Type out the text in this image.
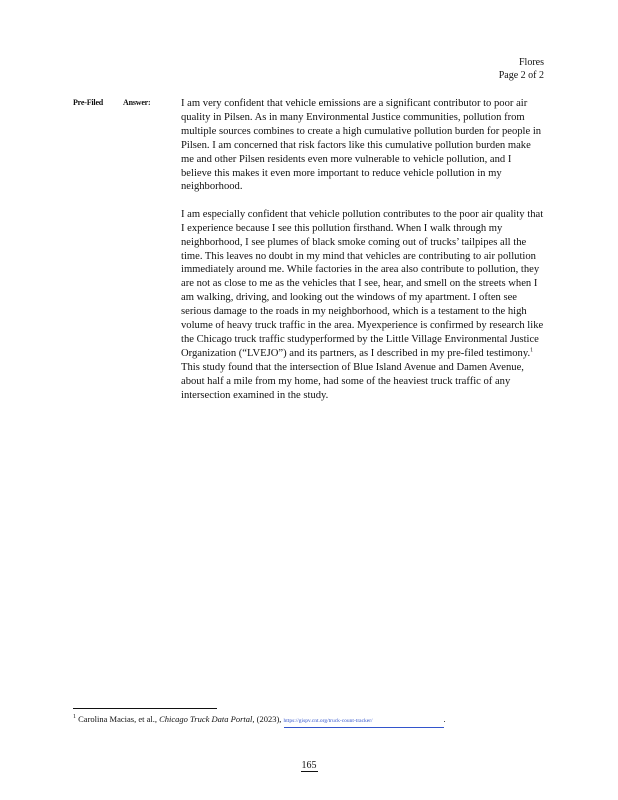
Flores
Page 2 of 2
Pre-Filed Answer:	I am very confident that vehicle emissions are a significant contributor to poor air quality in Pilsen. As in many Environmental Justice communities, pollution from multiple sources combines to create a high cumulative pollution burden for people in Pilsen. I am concerned that risk factors like this cumulative pollution burden make me and other Pilsen residents even more vulnerable to vehicle pollution, and I believe this makes it even more important to reduce vehicle pollution in my neighborhood.

I am especially confident that vehicle pollution contributes to the poor air quality that I experience because I see this pollution firsthand. When I walk through my neighborhood, I see plumes of black smoke coming out of trucks’ tailpipes all the time. This leaves no doubt in my mind that vehicles are contributing to air pollution immediately around me. While factories in the area also contribute to pollution, they are not as close to me as the vehicles that I see, hear, and smell on the streets when I am walking, driving, and looking out the windows of my apartment. I often see serious damage to the roads in my neighborhood, which is a testament to the high volume of heavy truck traffic in the area. Myexperience is confirmed by research like the Chicago truck traffic studyperformed by the Little Village Environmental Justice Organization (“LVEJO”) and its partners, as I described in my pre-filed testimony.$^1$ This study found that the intersection of Blue Island Avenue and Damen Avenue, about half a mile from my home, had some of the heaviest truck traffic of any intersection examined in the study.

$^1$ Carolina Macias, et al., Chicago Truck Data Portal, (2023), https://gispv.cnt.org/truck-count-tracker/	.
165
